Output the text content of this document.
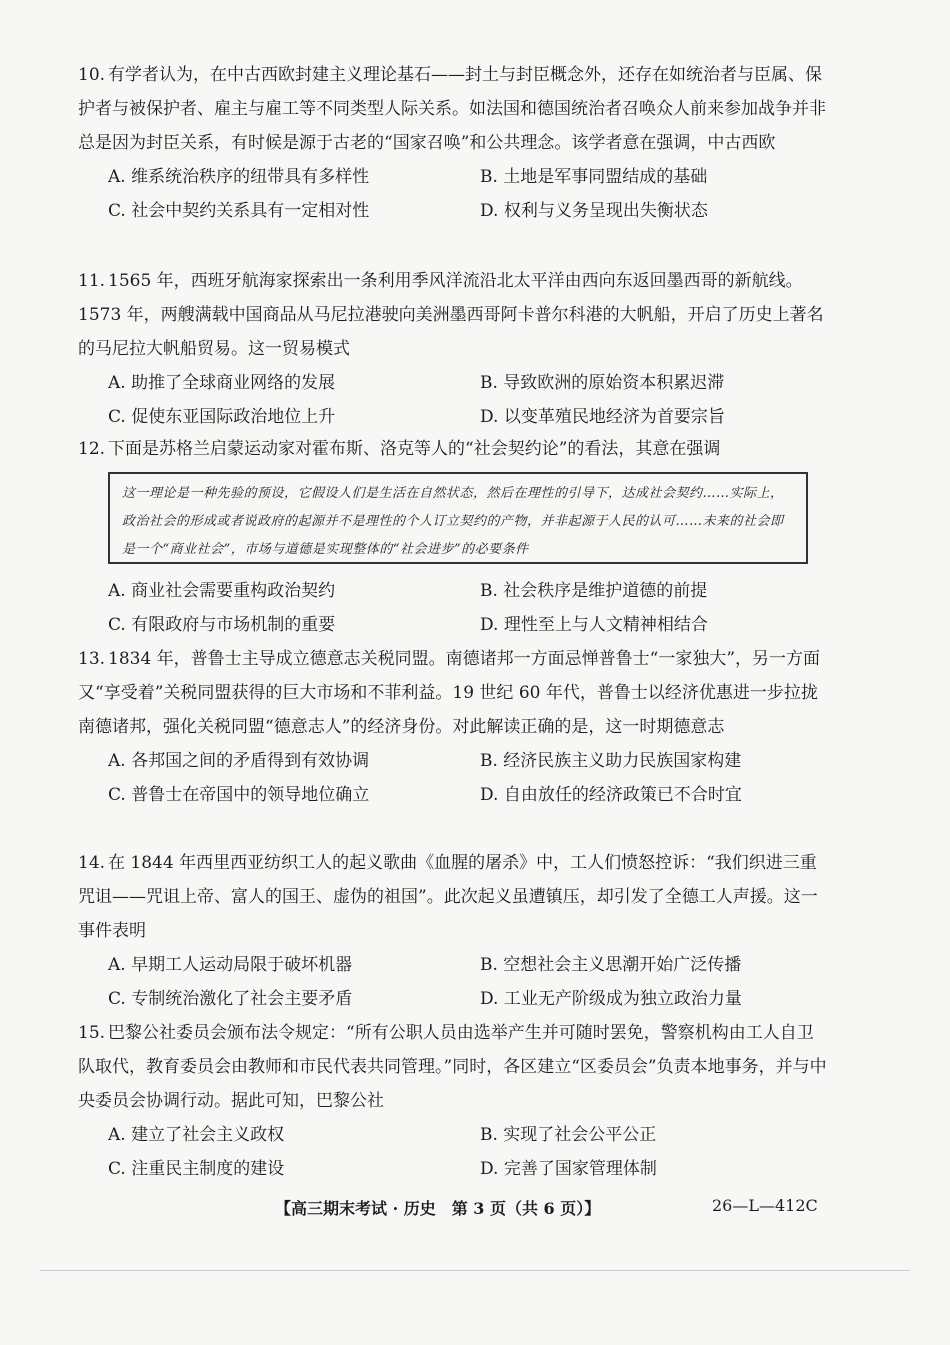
10. 有学者认为，在中古西欧封建主义理论基石——封土与封臣概念外，还存在如统治者与臣属、保护者与被保护者、雇主与雇工等不同类型人际关系。如法国和德国统治者召唤众人前来参加战争并非总是因为封臣关系，有时候是源于古老的“国家召唤”和公共理念。该学者意在强调，中古西欧

A. 维系统治秩序的纽带具有多样性	B. 土地是军事同盟结成的基础
C. 社会中契约关系具有一定相对性	D. 权利与义务呈现出失衡状态

11. 1565 年，西班牙航海家探索出一条利用季风洋流沿北太平洋由西向东返回墨西哥的新航线。1573 年，两艘满载中国商品从马尼拉港驶向美洲墨西哥阿卡普尔科港的大帆船，开启了历史上著名的马尼拉大帆船贸易。这一贸易模式

A. 助推了全球商业网络的发展	B. 导致欧洲的原始资本积累迟滞
C. 促使东亚国际政治地位上升	D. 以变革殖民地经济为首要宗旨

12. 下面是苏格兰启蒙运动家对霍布斯、洛克等人的“社会契约论”的看法，其意在强调

这一理论是一种先验的预设，它假设人们是生活在自然状态，然后在理性的引导下，达成社会契约……实际上，政治社会的形成或者说政府的起源并不是理性的个人订立契约的产物，并非起源于人民的认可……未来的社会即是一个“商业社会”，市场与道德是实现整体的“社会进步”的必要条件
A. 商业社会需要重构政治契约	B. 社会秩序是维护道德的前提
C. 有限政府与市场机制的重要	D. 理性至上与人文精神相结合

13. 1834 年，普鲁士主导成立德意志关税同盟。南德诸邦一方面忌惮普鲁士“一家独大”，另一方面又“享受着”关税同盟获得的巨大市场和不菲利益。19 世纪 60 年代，普鲁士以经济优惠进一步拉拢南德诸邦，强化关税同盟“德意志人”的经济身份。对此解读正确的是，这一时期德意志

A. 各邦国之间的矛盾得到有效协调	B. 经济民族主义助力民族国家构建
C. 普鲁士在帝国中的领导地位确立	D. 自由放任的经济政策已不合时宜

14. 在 1844 年西里西亚纺织工人的起义歌曲《血腥的屠杀》中，工人们愤怒控诉：“我们织进三重咒诅——咒诅上帝、富人的国王、虚伪的祖国”。此次起义虽遭镇压，却引发了全德工人声援。这一事件表明

A. 早期工人运动局限于破坏机器	B. 空想社会主义思潮开始广泛传播
C. 专制统治激化了社会主要矛盾	D. 工业无产阶级成为独立政治力量

15. 巴黎公社委员会颁布法令规定：“所有公职人员由选举产生并可随时罢免，警察机构由工人自卫队取代，教育委员会由教师和市民代表共同管理。”同时，各区建立“区委员会”负责本地事务，并与中央委员会协调行动。据此可知，巴黎公社

A. 建立了社会主义政权	B. 实现了社会公平公正
C. 注重民主制度的建设	D. 完善了国家管理体制
【高三期末考试 · 历史　第 3 页（共 6 页）】	26—L—412C
